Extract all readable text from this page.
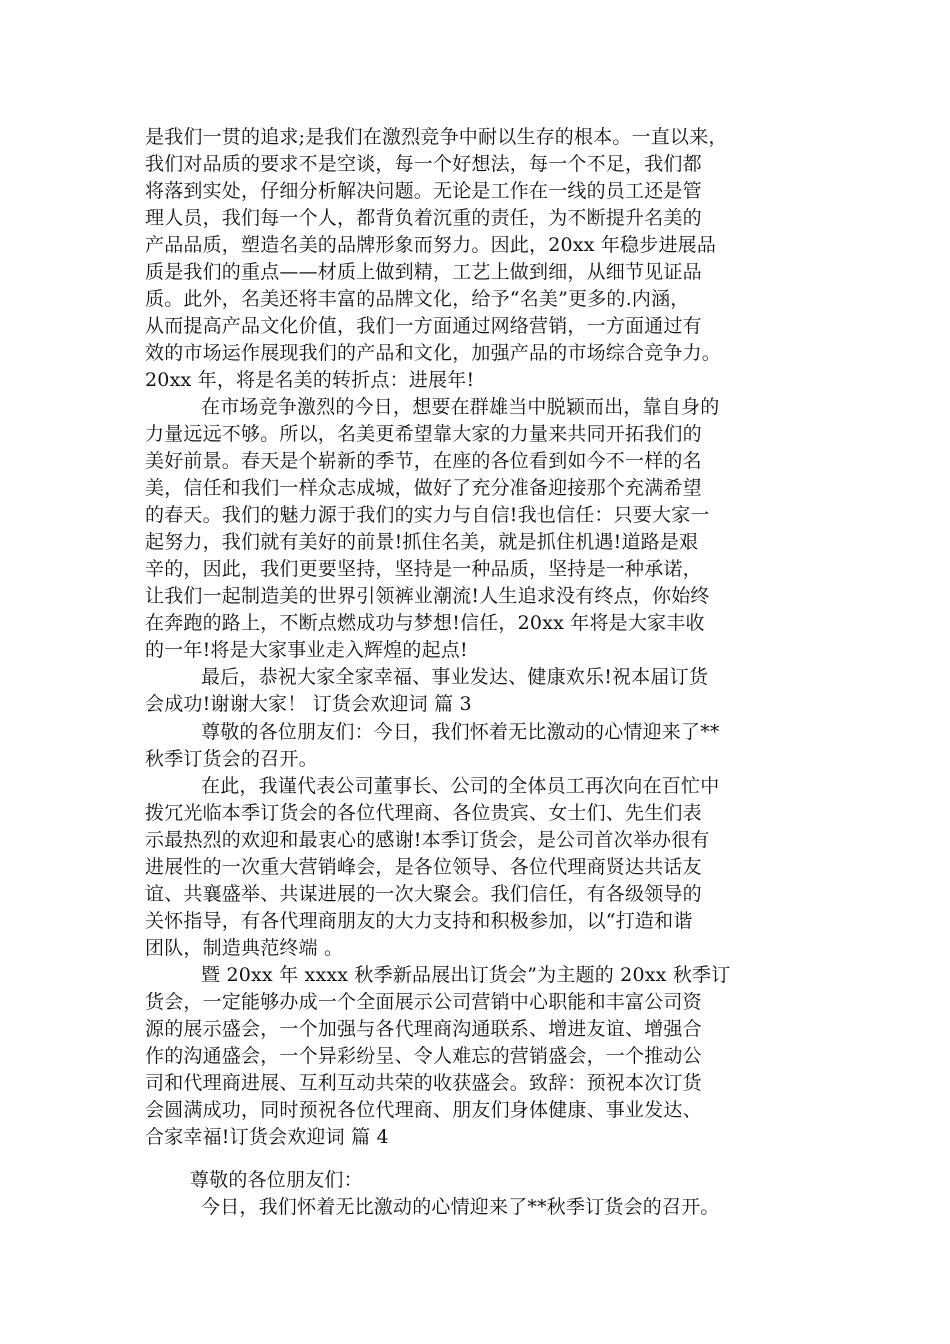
是我们一贯的追求;是我们在激烈竞争中耐以生存的根本。一直以来，
我们对品质的要求不是空谈，每一个好想法，每一个不足，我们都
将落到实处，仔细分析解决问题。无论是工作在一线的员工还是管
理人员，我们每一个人，都背负着沉重的责任，为不断提升名美的
产品品质，塑造名美的品牌形象而努力。因此，20xx 年稳步进展品
质是我们的重点——材质上做到精，工艺上做到细，从细节见证品
质。此外，名美还将丰富的品牌文化，给予“名美”更多的.内涵，
从而提高产品文化价值，我们一方面通过网络营销，一方面通过有
效的市场运作展现我们的产品和文化，加强产品的市场综合竞争力。
20xx 年，将是名美的转折点：进展年!
在市场竞争激烈的今日，想要在群雄当中脱颖而出，靠自身的
力量远远不够。所以，名美更希望靠大家的力量来共同开拓我们的
美好前景。春天是个崭新的季节，在座的各位看到如今不一样的名
美，信任和我们一样众志成城，做好了充分准备迎接那个充满希望
的春天。我们的魅力源于我们的实力与自信!我也信任：只要大家一
起努力，我们就有美好的前景!抓住名美，就是抓住机遇!道路是艰
辛的，因此，我们更要坚持，坚持是一种品质，坚持是一种承诺，
让我们一起制造美的世界引领裤业潮流!人生追求没有终点，你始终
在奔跑的路上，不断点燃成功与梦想!信任，20xx 年将是大家丰收
的一年!将是大家事业走入辉煌的起点!
最后，恭祝大家全家幸福、事业发达、健康欢乐!祝本届订货
会成功!谢谢大家！ 订货会欢迎词 篇 3
尊敬的各位朋友们：今日，我们怀着无比激动的心情迎来了**
秋季订货会的召开。
在此，我谨代表公司董事长、公司的全体员工再次向在百忙中
拨冗光临本季订货会的各位代理商、各位贵宾、女士们、先生们表
示最热烈的欢迎和最衷心的感谢!本季订货会，是公司首次举办很有
进展性的一次重大营销峰会，是各位领导、各位代理商贤达共话友
谊、共襄盛举、共谋进展的一次大聚会。我们信任，有各级领导的
关怀指导，有各代理商朋友的大力支持和积极参加，以“打造和谐
团队，制造典范终端 。
暨 20xx 年 xxxx 秋季新品展出订货会”为主题的 20xx 秋季订
货会，一定能够办成一个全面展示公司营销中心职能和丰富公司资
源的展示盛会，一个加强与各代理商沟通联系、增进友谊、增强合
作的沟通盛会，一个异彩纷呈、令人难忘的营销盛会，一个推动公
司和代理商进展、互利互动共荣的收获盛会。致辞：预祝本次订货
会圆满成功，同时预祝各位代理商、朋友们身体健康、事业发达、
合家幸福!订货会欢迎词 篇 4
尊敬的各位朋友们：
今日，我们怀着无比激动的心情迎来了**秋季订货会的召开。
